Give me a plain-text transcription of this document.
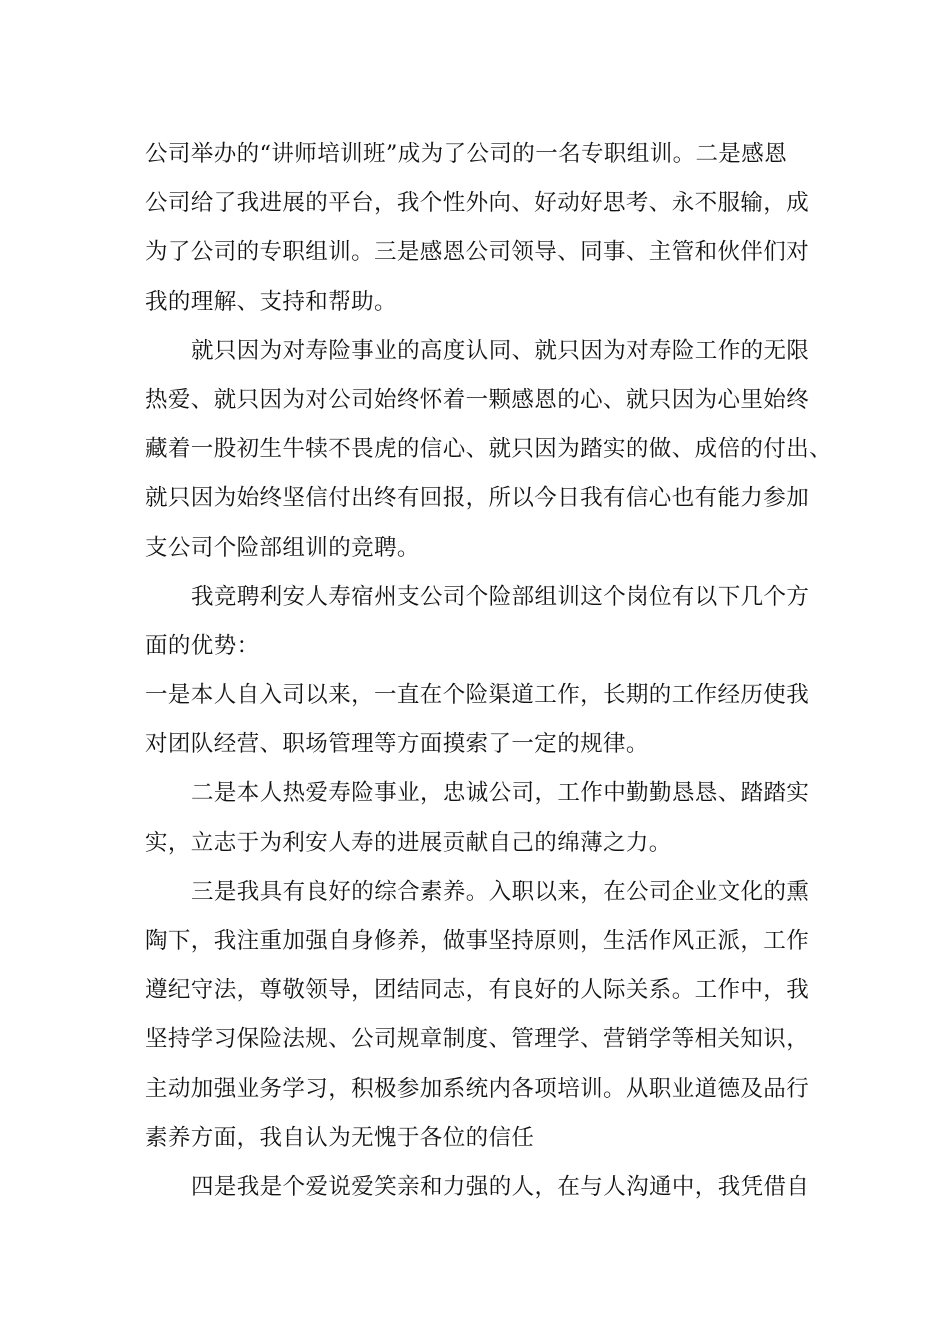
公司举办的“讲师培训班”成为了公司的一名专职组训。二是感恩
公司给了我进展的平台，我个性外向、好动好思考、永不服输，成
为了公司的专职组训。三是感恩公司领导、同事、主管和伙伴们对
我的理解、支持和帮助。
就只因为对寿险事业的高度认同、就只因为对寿险工作的无限
热爱、就只因为对公司始终怀着一颗感恩的心、就只因为心里始终
藏着一股初生牛犊不畏虎的信心、就只因为踏实的做、成倍的付出、
就只因为始终坚信付出终有回报，所以今日我有信心也有能力参加
支公司个险部组训的竞聘。
我竞聘利安人寿宿州支公司个险部组训这个岗位有以下几个方
面的优势：
一是本人自入司以来，一直在个险渠道工作，长期的工作经历使我
对团队经营、职场管理等方面摸索了一定的规律。
二是本人热爱寿险事业，忠诚公司，工作中勤勤恳恳、踏踏实
实，立志于为利安人寿的进展贡献自己的绵薄之力。
三是我具有良好的综合素养。入职以来，在公司企业文化的熏
陶下，我注重加强自身修养，做事坚持原则，生活作风正派，工作
遵纪守法，尊敬领导，团结同志，有良好的人际关系。工作中，我
坚持学习保险法规、公司规章制度、管理学、营销学等相关知识，
主动加强业务学习，积极参加系统内各项培训。从职业道德及品行
素养方面，我自认为无愧于各位的信任
四是我是个爱说爱笑亲和力强的人，在与人沟通中，我凭借自
